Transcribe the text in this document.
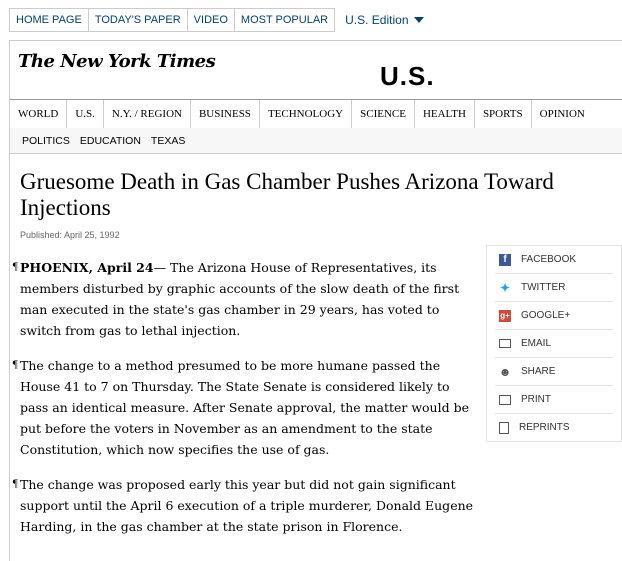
HOME PAGE	TODAY'S PAPER	VIDEO	MOST POPULAR	U.S. Edition
The New York Times	U.S.
WORLD	U.S.	N.Y. / REGION	BUSINESS	TECHNOLOGY	SCIENCE	HEALTH	SPORTS	OPINION
POLITICS EDUCATION TEXAS
Gruesome Death in Gas Chamber Pushes Arizona Toward Injections
Published: April 25, 1992

¶ PHOENIX, April 24— The Arizona House of Representatives, its members disturbed by graphic accounts of the slow death of the first man executed in the state's gas chamber in 29 years, has voted to switch from gas to lethal injection.

¶ The change to a method presumed to be more humane passed the House 41 to 7 on Thursday. The State Senate is considered likely to pass an identical measure. After Senate approval, the matter would be put before the voters in November as an amendment to the state Constitution, which now specifies the use of gas.

¶ The change was proposed early this year but did not gain significant support until the April 6 execution of a triple murderer, Donald Eugene Harding, in the gas chamber at the state prison in Florence.

f	FACEBOOK
✦ TWITTER
g+ GOOGLE+
EMAIL
☻ SHARE
PRINT
REPRINTS
